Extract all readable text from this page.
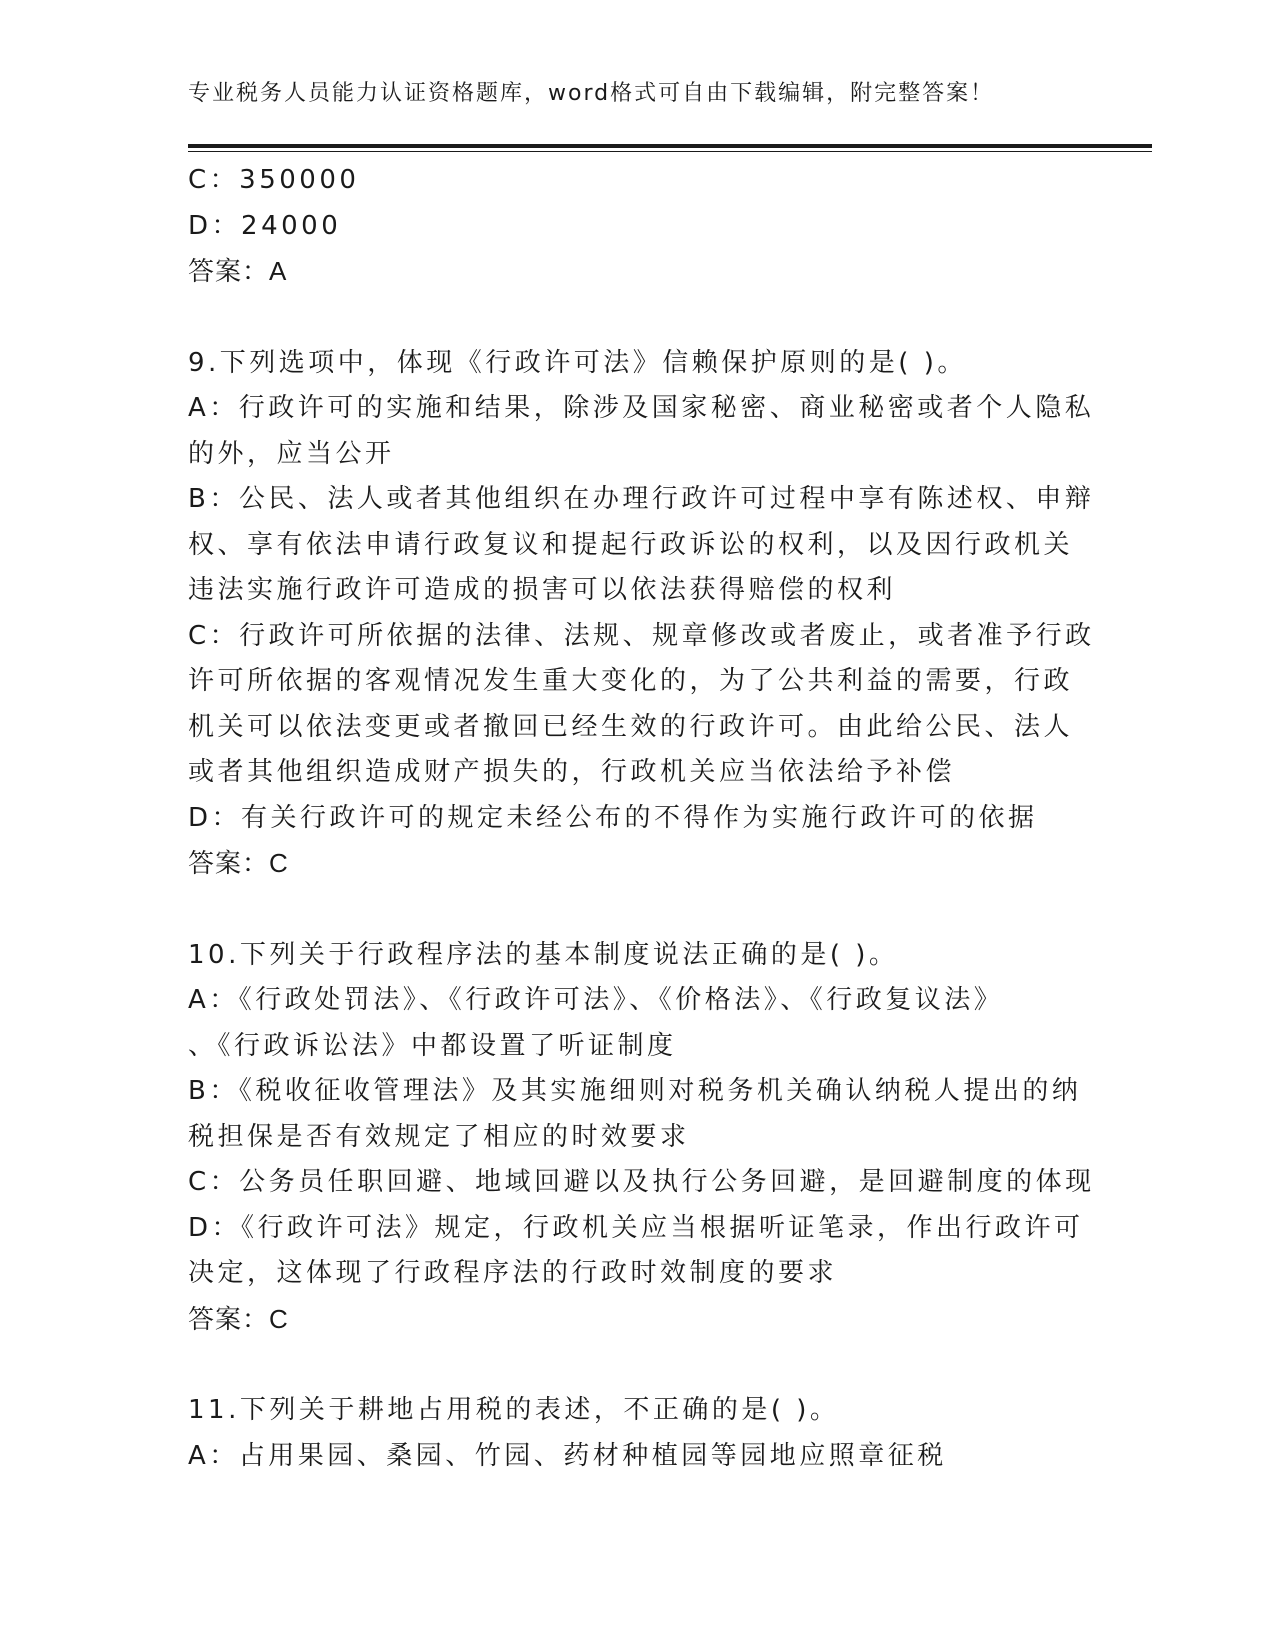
专业税务人员能力认证资格题库，word格式可自由下载编辑，附完整答案！
C：350000
D：24000
答案：A
9.下列选项中，体现《行政许可法》信赖保护原则的是( )。
A：行政许可的实施和结果，除涉及国家秘密、商业秘密或者个人隐私
的外，应当公开
B：公民、法人或者其他组织在办理行政许可过程中享有陈述权、申辩
权、享有依法申请行政复议和提起行政诉讼的权利，以及因行政机关
违法实施行政许可造成的损害可以依法获得赔偿的权利
C：行政许可所依据的法律、法规、规章修改或者废止，或者准予行政
许可所依据的客观情况发生重大变化的，为了公共利益的需要，行政
机关可以依法变更或者撤回已经生效的行政许可。由此给公民、法人
或者其他组织造成财产损失的，行政机关应当依法给予补偿
D：有关行政许可的规定未经公布的不得作为实施行政许可的依据
答案：C
10.下列关于行政程序法的基本制度说法正确的是( )。
A：《行政处罚法》、《行政许可法》、《价格法》、《行政复议法》
、《行政诉讼法》中都设置了听证制度
B：《税收征收管理法》及其实施细则对税务机关确认纳税人提出的纳
税担保是否有效规定了相应的时效要求
C：公务员任职回避、地域回避以及执行公务回避，是回避制度的体现
D：《行政许可法》规定，行政机关应当根据听证笔录，作出行政许可
决定，这体现了行政程序法的行政时效制度的要求
答案：C
11.下列关于耕地占用税的表述，不正确的是( )。
A：占用果园、桑园、竹园、药材种植园等园地应照章征税
